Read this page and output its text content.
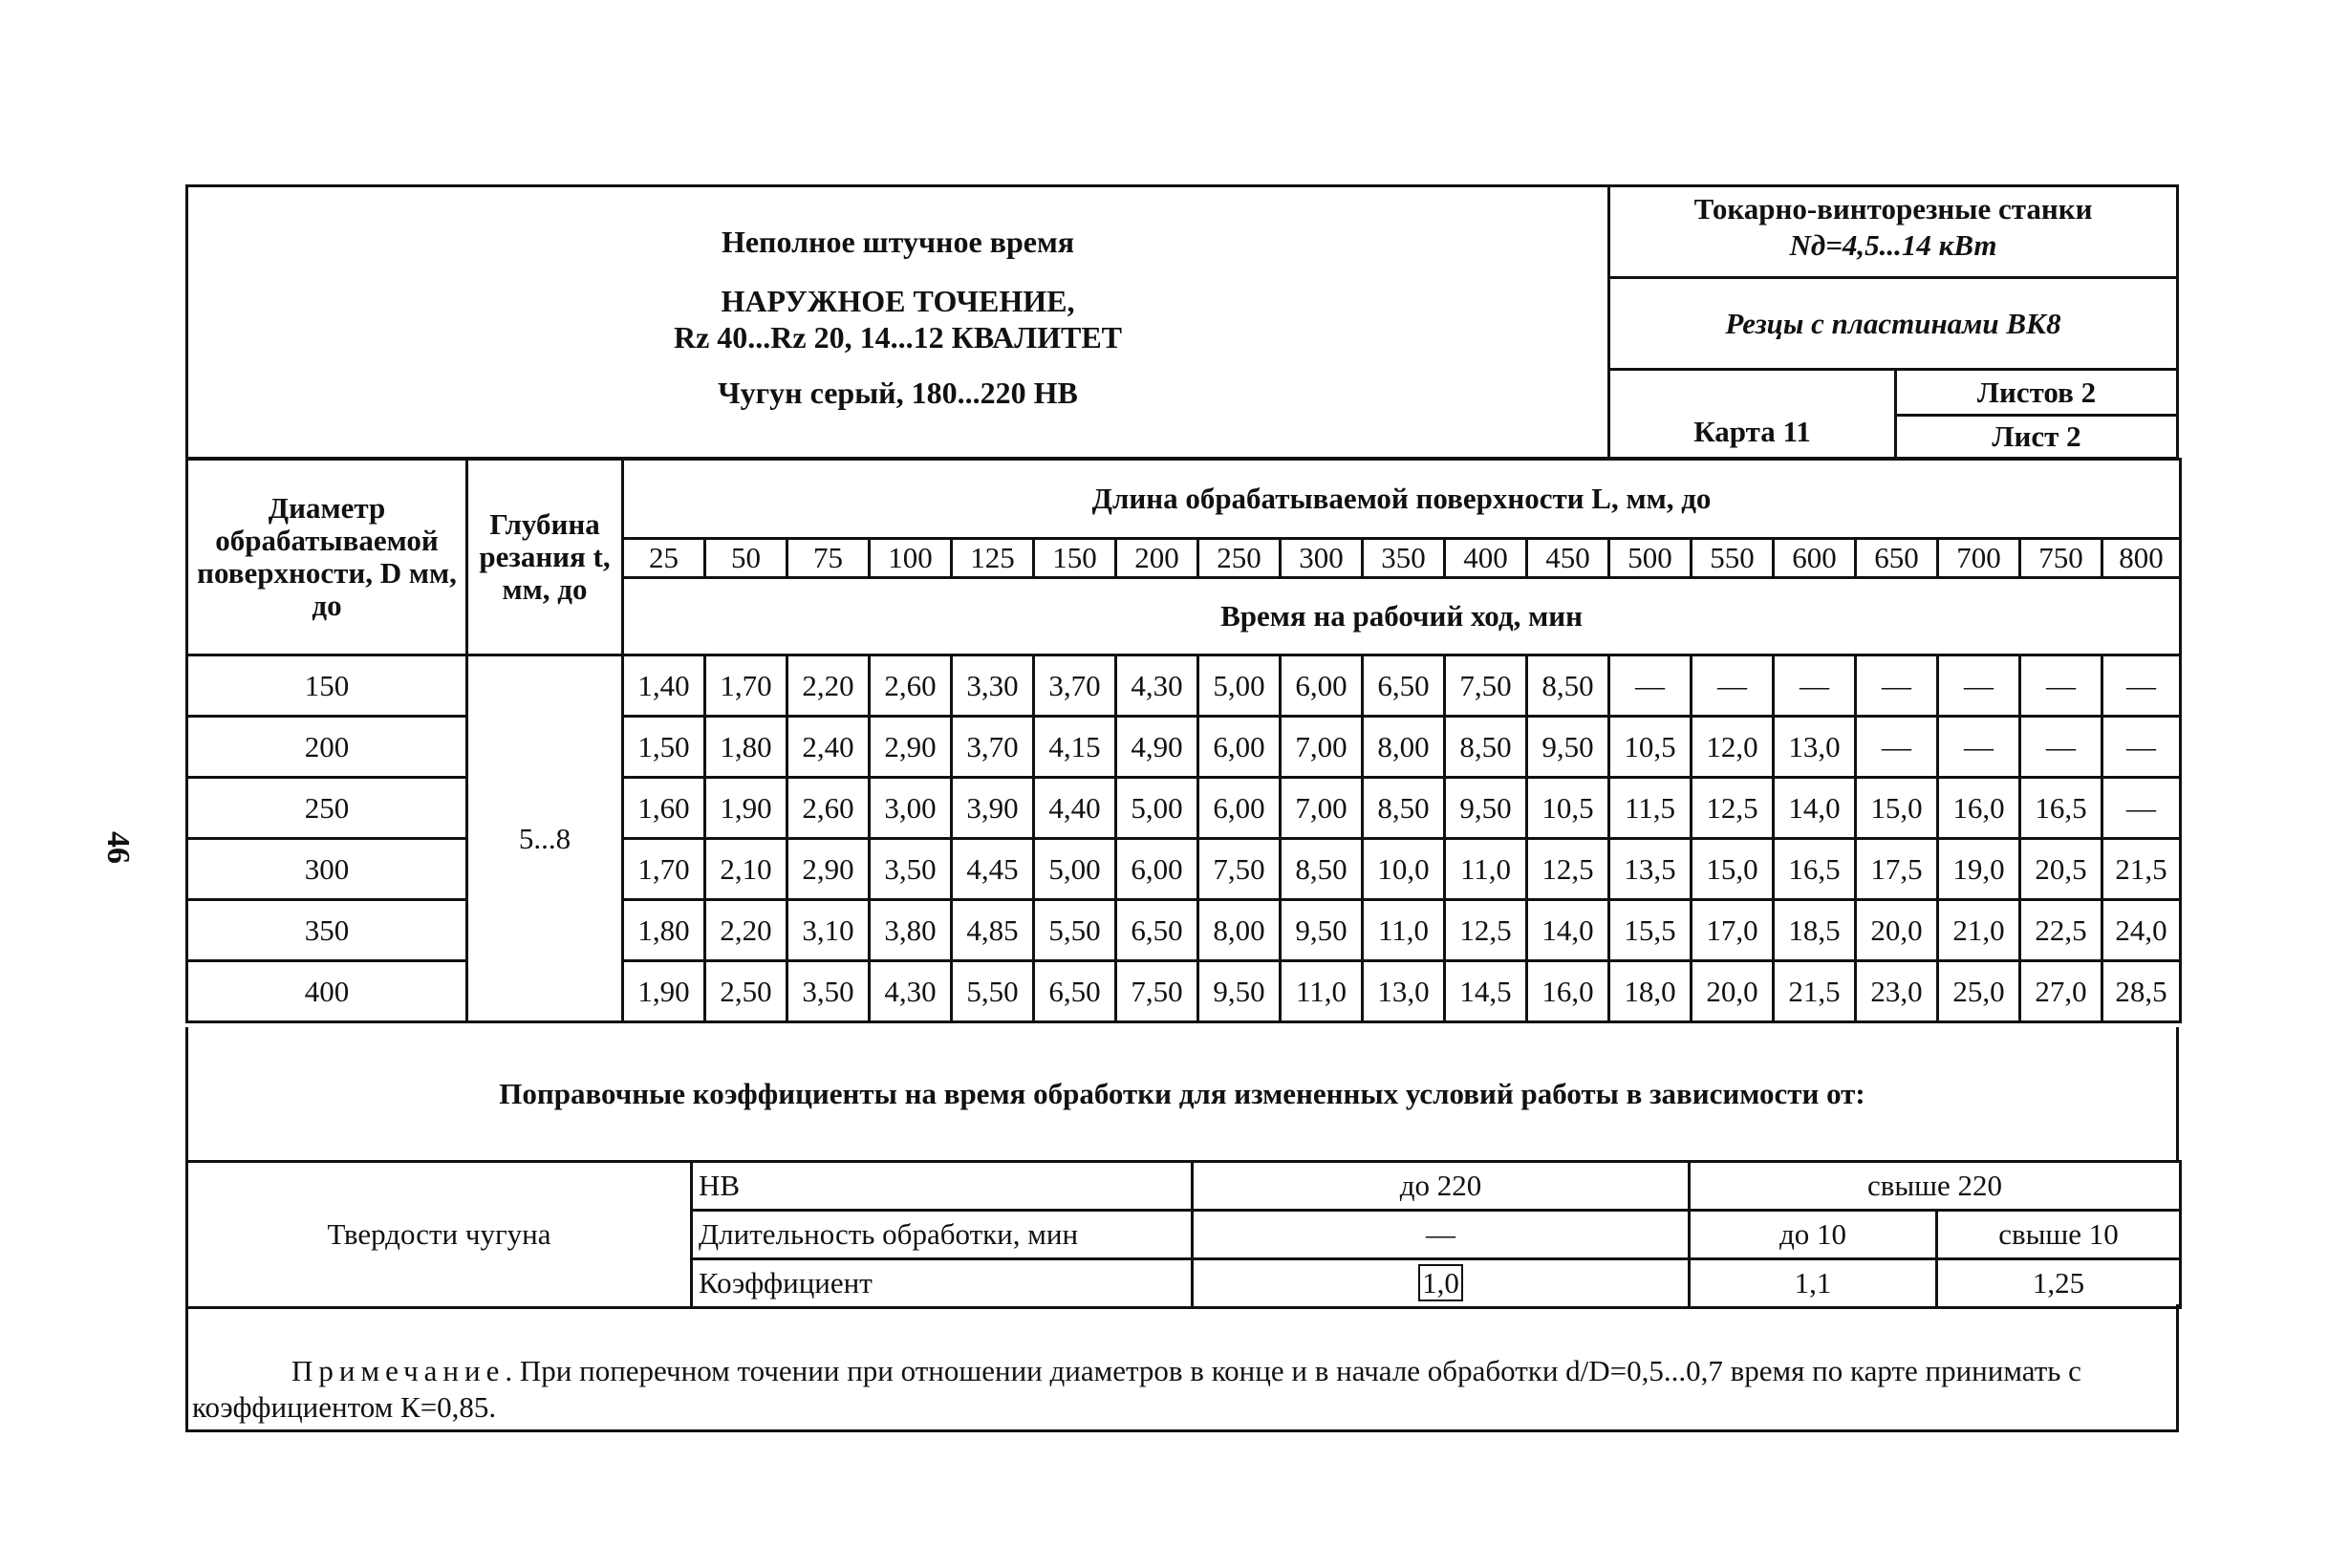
46
Неполное штучное время
НАРУЖНОЕ ТОЧЕНИЕ,
Rz 40...Rz 20, 14...12 КВАЛИТЕТ
Чугун серый, 180...220 НВ
Токарно-винторезные станки
Nд=4,5...14 кВт
Резцы с пластинами ВК8
Карта 11
Листов 2
Лист 2
Диаметр обрабатываемой поверхности, D мм, до	Глубина резания t, мм, до	Длина обрабатываемой поверхности L, мм, до																		
		25	50	75	100	125	150	200	250	300	350	400	450	500	550	600	650	700	750	800
		Время на рабочий ход, мин																		
150	5...8	1,40	1,70	2,20	2,60	3,30	3,70	4,30	5,00	6,00	6,50	7,50	8,50	—	—	—	—	—	—	—
200		1,50	1,80	2,40	2,90	3,70	4,15	4,90	6,00	7,00	8,00	8,50	9,50	10,5	12,0	13,0	—	—	—	—
250		1,60	1,90	2,60	3,00	3,90	4,40	5,00	6,00	7,00	8,50	9,50	10,5	11,5	12,5	14,0	15,0	16,0	16,5	—
300		1,70	2,10	2,90	3,50	4,45	5,00	6,00	7,50	8,50	10,0	11,0	12,5	13,5	15,0	16,5	17,5	19,0	20,5	21,5
350		1,80	2,20	3,10	3,80	4,85	5,50	6,50	8,00	9,50	11,0	12,5	14,0	15,5	17,0	18,5	20,0	21,0	22,5	24,0
400		1,90	2,50	3,50	4,30	5,50	6,50	7,50	9,50	11,0	13,0	14,5	16,0	18,0	20,0	21,5	23,0	25,0	27,0	28,5
Поправочные коэффициенты на время обработки для измененных условий работы в зависимости от:
Твердости чугуна	НВ	до 220	свыше 220	
	Длительность обработки, мин	—	до 10	свыше 10
	Коэффициент	1,0	1,1	1,25
Примечание. При поперечном точении при отношении диаметров в конце и в начале обработки d/D=0,5...0,7 время по карте принимать с коэффициентом К=0,85.
